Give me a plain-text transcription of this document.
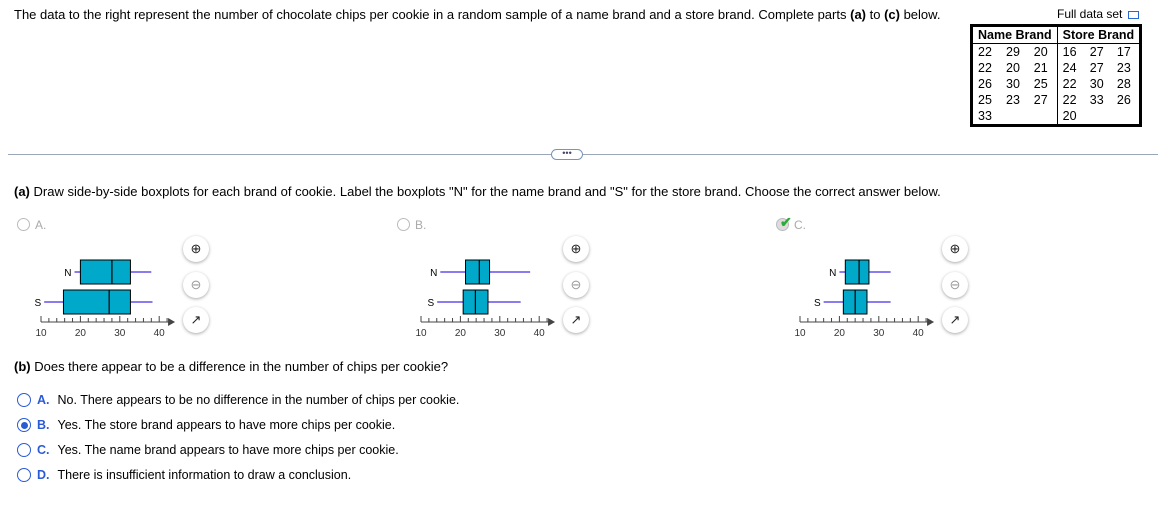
The data to the right represent the number of chocolate chips per cookie in a random sample of a name brand and a store brand. Complete parts (a) to (c) below.	Full data set
Name Brand			Store Brand		
22	29	20	16	27	17
22	20	21	24	27	23
26	30	25	22	30	28
25	23	27	22	33	26
33			20		
•••
(a) Draw side-by-side boxplots for each brand of cookie. Label the boxplots "N" for the name brand and "S" for the store brand. Choose the correct answer below.
A.
N
S
10	20	30	40
⊕
⊖
↗
B.
N
S
10	20	30	40
⊕
⊖
↗
✔ C.
N
S
10	20	30	40
⊕
⊖
↗
(b) Does there appear to be a difference in the number of chips per cookie?
A. No. There appears to be no difference in the number of chips per cookie.
B. Yes. The store brand appears to have more chips per cookie.
C. Yes. The name brand appears to have more chips per cookie.
D. There is insufficient information to draw a conclusion.
